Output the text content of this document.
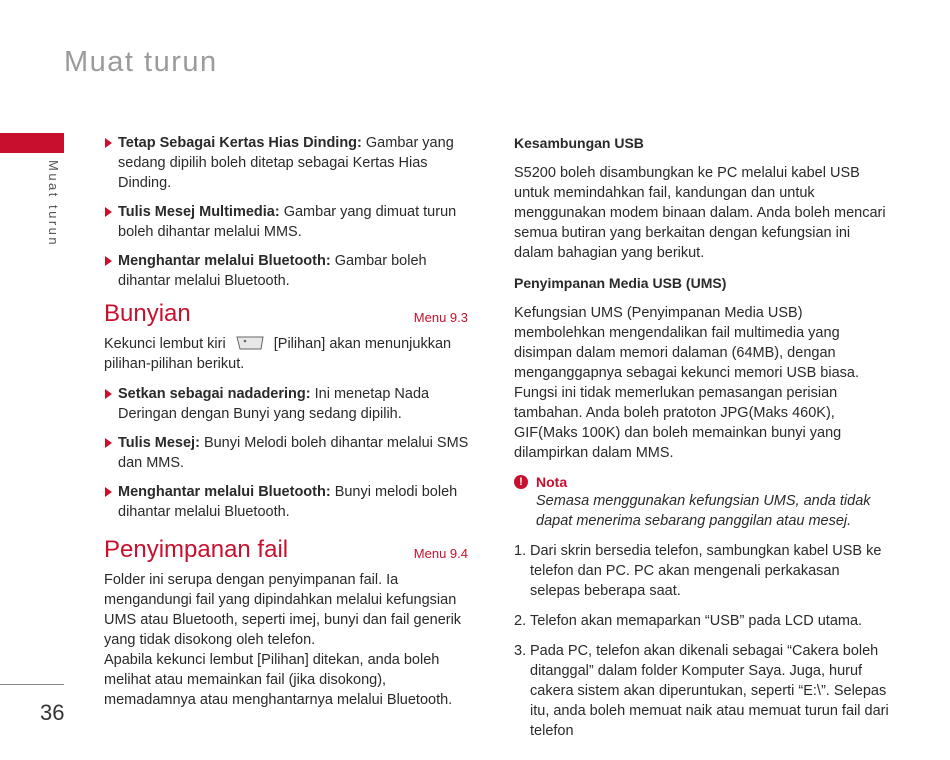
Muat turun
Muat turun
36
Tetap Sebagai Kertas Hias Dinding: Gambar yang sedang dipilih boleh ditetap sebagai Kertas Hias Dinding.
Tulis Mesej Multimedia: Gambar yang dimuat turun boleh dihantar melalui MMS.
Menghantar melalui Bluetooth: Gambar boleh dihantar melalui Bluetooth.
Bunyian	Menu 9.3

Kekunci lembut kiri	[Pilihan] akan menunjukkan pilihan-pilihan berikut.

Setkan sebagai nadadering: Ini menetap Nada Deringan dengan Bunyi yang sedang dipilih.
Tulis Mesej: Bunyi Melodi boleh dihantar melalui SMS dan MMS.
Menghantar melalui Bluetooth: Bunyi melodi boleh dihantar melalui Bluetooth.
Penyimpanan fail	Menu 9.4

Folder ini serupa dengan penyimpanan fail. Ia mengandungi fail yang dipindahkan melalui kefungsian UMS atau Bluetooth, seperti imej, bunyi dan fail generik yang tidak disokong oleh telefon.

Apabila kekunci lembut [Pilihan] ditekan, anda boleh melihat atau memainkan fail (jika disokong), memadamnya atau menghantarnya melalui Bluetooth.

Kesambungan USB

S5200 boleh disambungkan ke PC melalui kabel USB untuk memindahkan fail, kandungan dan untuk menggunakan modem binaan dalam. Anda boleh mencari semua butiran yang berkaitan dengan kefungsian ini dalam bahagian yang berikut.

Penyimpanan Media USB (UMS)

Kefungsian UMS (Penyimpanan Media USB) membolehkan mengendalikan fail multimedia yang disimpan dalam memori dalaman (64MB), dengan menganggapnya sebagai kekunci memori USB biasa. Fungsi ini tidak memerlukan pemasangan perisian tambahan. Anda boleh pratoton JPG(Maks 460K), GIF(Maks 100K) dan boleh memainkan bunyi yang dilampirkan dalam MMS.

! Nota
Semasa menggunakan kefungsian UMS, anda tidak dapat menerima sebarang panggilan atau mesej.
1. Dari skrin bersedia telefon, sambungkan kabel USB ke telefon dan PC. PC akan mengenali perkakasan selepas beberapa saat.
2. Telefon akan memaparkan “USB” pada LCD utama.
3. Pada PC, telefon akan dikenali sebagai “Cakera boleh ditanggal” dalam folder Komputer Saya. Juga, huruf cakera sistem akan diperuntukan, seperti “E:\”. Selepas itu, anda boleh memuat naik atau memuat turun fail dari telefon
